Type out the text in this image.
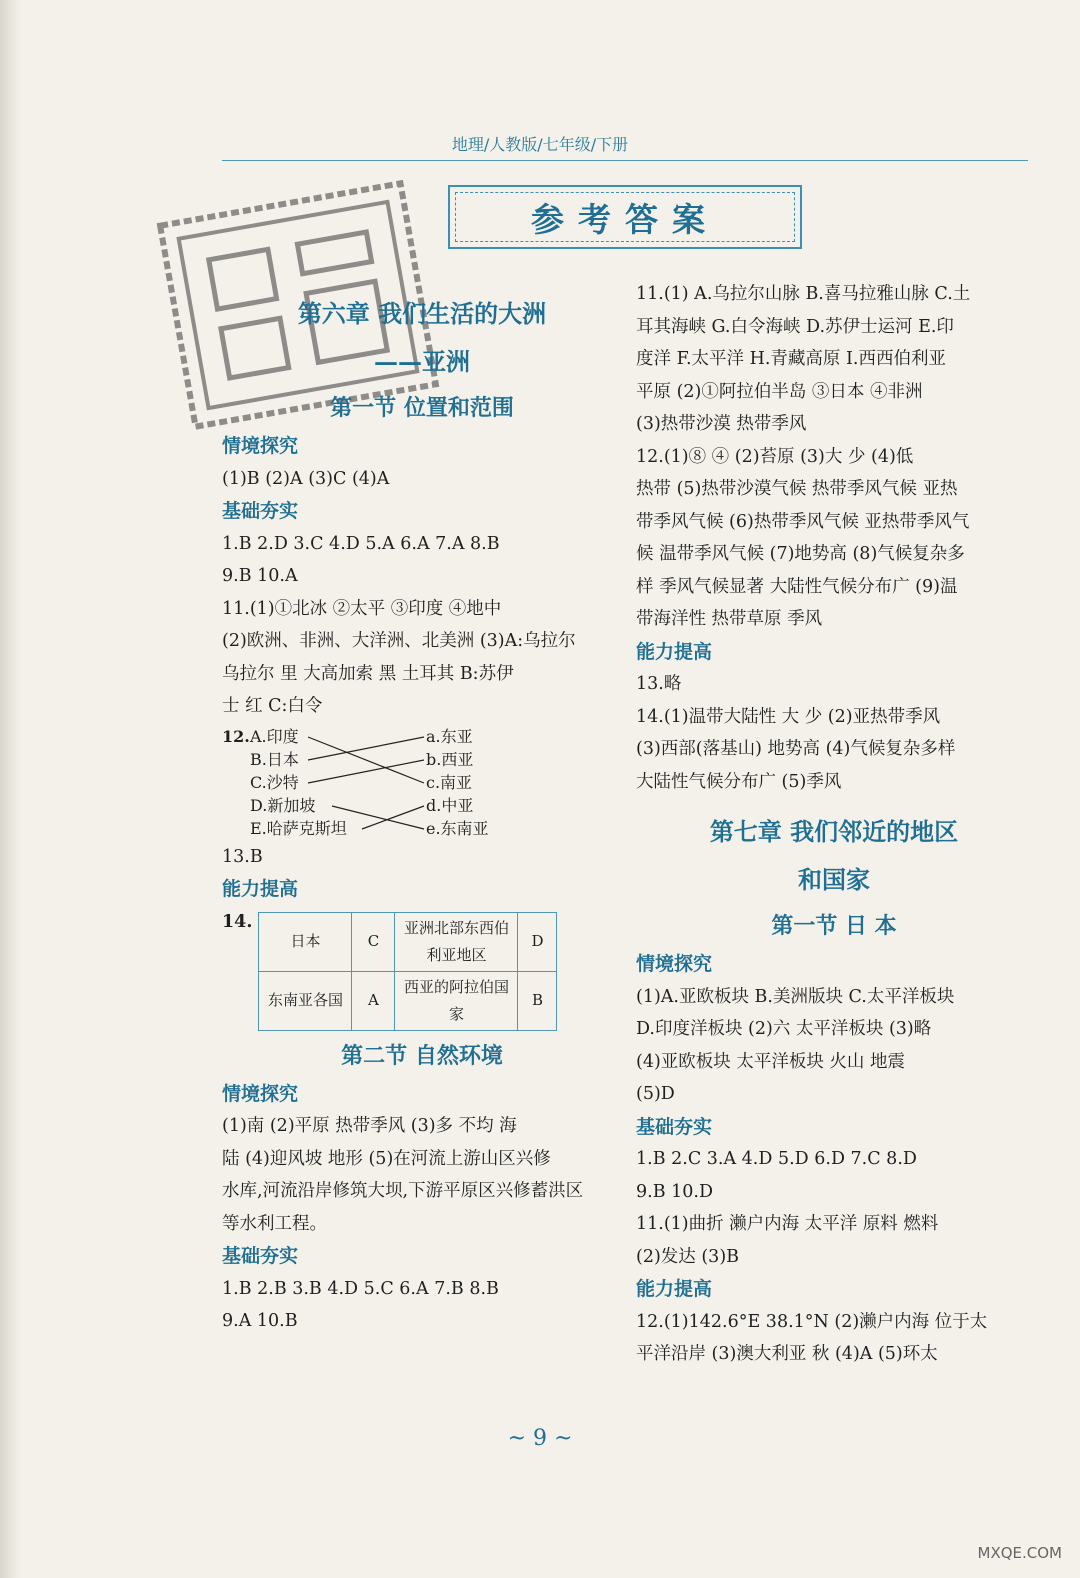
地理/人教版/七年级/下册
参考答案
第六章 我们生活的大洲
——亚洲
第一节 位置和范围
情境探究
(1)B (2)A (3)C (4)A
基础夯实
1.B 2.D 3.C 4.D 5.A 6.A 7.A 8.B
9.B 10.A
11.(1)①北冰 ②太平 ③印度 ④地中
(2)欧洲、非洲、大洋洲、北美洲 (3)A:乌拉尔
乌拉尔 里 大高加索 黑 土耳其 B:苏伊
士 红 C:白令
12. A.印度
B.日本
C.沙特
D.新加坡
E.哈萨克斯坦
a.东亚
b.西亚
c.南亚
d.中亚
e.东南亚
13.B
能力提高
14.
日本	C	亚洲北部东西伯利亚地区	D
东南亚各国	A	西亚的阿拉伯国家	B
第二节 自然环境
情境探究
(1)南 (2)平原 热带季风 (3)多 不均 海
陆 (4)迎风坡 地形 (5)在河流上游山区兴修
水库,河流沿岸修筑大坝,下游平原区兴修蓄洪区
等水利工程。
基础夯实
1.B 2.B 3.B 4.D 5.C 6.A 7.B 8.B
9.A 10.B
11.(1) A.乌拉尔山脉 B.喜马拉雅山脉 C.土
耳其海峡 G.白令海峡 D.苏伊士运河 E.印
度洋 F.太平洋 H.青藏高原 I.西西伯利亚
平原 (2)①阿拉伯半岛 ③日本 ④非洲
(3)热带沙漠 热带季风
12.(1)⑧ ④ (2)苔原 (3)大 少 (4)低
热带 (5)热带沙漠气候 热带季风气候 亚热
带季风气候 (6)热带季风气候 亚热带季风气
候 温带季风气候 (7)地势高 (8)气候复杂多
样 季风气候显著 大陆性气候分布广 (9)温
带海洋性 热带草原 季风
能力提高
13.略
14.(1)温带大陆性 大 少 (2)亚热带季风
(3)西部(落基山) 地势高 (4)气候复杂多样
大陆性气候分布广 (5)季风
第七章 我们邻近的地区
和国家
第一节 日 本
情境探究
(1)A.亚欧板块 B.美洲版块 C.太平洋板块
D.印度洋板块 (2)六 太平洋板块 (3)略
(4)亚欧板块 太平洋板块 火山 地震
(5)D
基础夯实
1.B 2.C 3.A 4.D 5.D 6.D 7.C 8.D
9.B 10.D
11.(1)曲折 濑户内海 太平洋 原料 燃料
(2)发达 (3)B
能力提高
12.(1)142.6°E 38.1°N (2)濑户内海 位于太
平洋沿岸 (3)澳大利亚 秋 (4)A (5)环太
~ 9 ~
MXQE.COM
